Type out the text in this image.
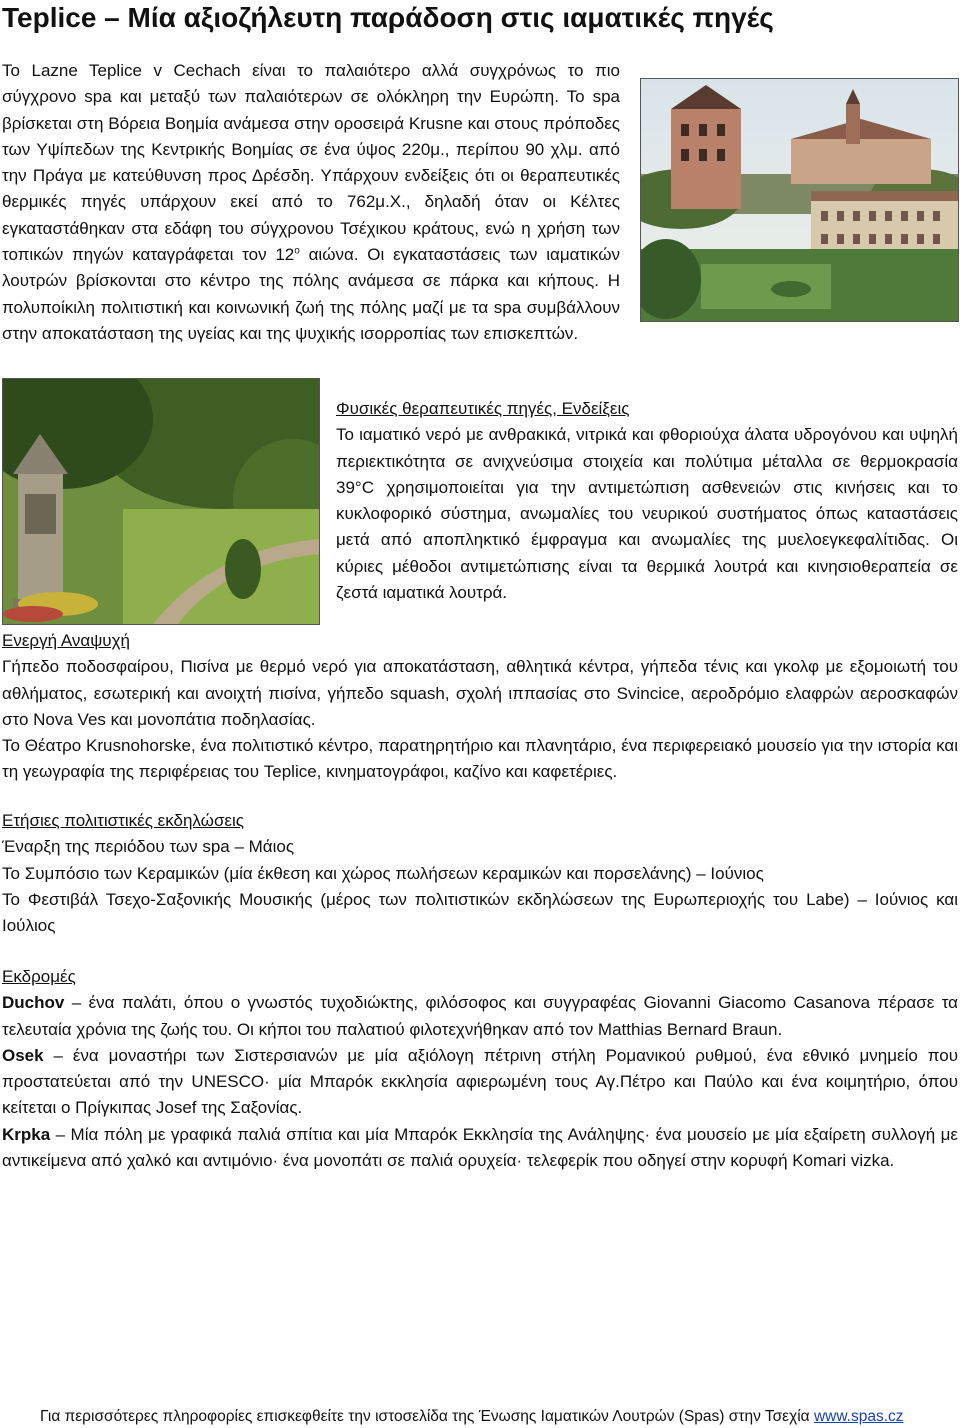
Teplice – Μία αξιοζήλευτη παράδοση στις ιαματικές πηγές

Το Lazne Teplice v Cechach είναι το παλαιότερο αλλά συγχρόνως το πιο σύγχρονο spa και μεταξύ των παλαιότερων σε ολόκληρη την Ευρώπη. Το spa βρίσκεται στη Βόρεια Βοημία ανάμεσα στην οροσειρά Krusne και στους πρόποδες των Υψίπεδων της Κεντρικής Βοημίας σε ένα ύψος 220μ., περίπου 90 χλμ. από την Πράγα με κατεύθυνση προς Δρέσδη. Υπάρχουν ενδείξεις ότι οι θεραπευτικές θερμικές πηγές υπάρχουν εκεί από το 762μ.Χ., δηλαδή όταν οι Κέλτες εγκαταστάθηκαν στα εδάφη του σύγχρονου Τσέχικου κράτους, ενώ η χρήση των τοπικών πηγών καταγράφεται τον $12^o$ αιώνα. Οι εγκαταστάσεις των ιαματικών λουτρών βρίσκονται στο κέντρο της πόλης ανάμεσα σε πάρκα και κήπους. Η πολυποίκιλη πολιτιστική και κοινωνική ζωή της πόλης μαζί με τα spa συμβάλλουν στην αποκατάσταση της υγείας και της ψυχικής ισορροπίας των επισκεπτών.

Φυσικές θεραπευτικές πηγές, Ενδείξεις
Το ιαματικό νερό με ανθρακικά, νιτρικά και φθοριούχα άλατα υδρογόνου και υψηλή περιεκτικότητα σε ανιχνεύσιμα στοιχεία και πολύτιμα μέταλλα σε θερμοκρασία 39°C χρησιμοποιείται για την αντιμετώπιση ασθενειών στις κινήσεις και το κυκλοφορικό σύστημα, ανωμαλίες του νευρικού συστήματος όπως καταστάσεις μετά από αποπληκτικό έμφραγμα και ανωμαλίες της μυελοεγκεφαλίτιδας. Οι κύριες μέθοδοι αντιμετώπισης είναι τα θερμικά λουτρά και κινησιοθεραπεία σε ζεστά ιαματικά λουτρά.
Ενεργή Αναψυχή
Γήπεδο ποδοσφαίρου, Πισίνα με θερμό νερό για αποκατάσταση, αθλητικά κέντρα, γήπεδα τένις και γκολφ με εξομοιωτή του αθλήματος, εσωτερική και ανοιχτή πισίνα, γήπεδο squash, σχολή ιππασίας στο Svincice, αεροδρόμιο ελαφρών αεροσκαφών στο Nova Ves και μονοπάτια ποδηλασίας.
Το Θέατρο Krusnohorske, ένα πολιτιστικό κέντρο, παρατηρητήριο και πλανητάριο, ένα περιφερειακό μουσείο για την ιστορία και τη γεωγραφία της περιφέρειας του Teplice, κινηματογράφοι, καζίνο και καφετέριες.
Ετήσιες πολιτιστικές εκδηλώσεις
Έναρξη της περιόδου των spa – Μάιος
Το Συμπόσιο των Κεραμικών (μία έκθεση και χώρος πωλήσεων κεραμικών και πορσελάνης) – Ιούνιος
Το Φεστιβάλ Τσεχο-Σαξονικής Μουσικής (μέρος των πολιτιστικών εκδηλώσεων της Ευρωπεριοχής του Labe) – Ιούνιος και Ιούλιος
Εκδρομές
Duchov – ένα παλάτι, όπου ο γνωστός τυχοδιώκτης, φιλόσοφος και συγγραφέας Giovanni Giacomo Casanova πέρασε τα τελευταία χρόνια της ζωής του. Οι κήποι του παλατιού φιλοτεχνήθηκαν από τον Matthias Bernard Braun.
Osek – ένα μοναστήρι των Σιστερσιανών με μία αξιόλογη πέτρινη στήλη Ρομανικού ρυθμού, ένα εθνικό μνημείο που προστατεύεται από την UNESCO· μία Μπαρόκ εκκλησία αφιερωμένη τους Αγ.Πέτρο και Παύλο και ένα κοιμητήριο, όπου κείτεται ο Πρίγκιπας Josef της Σαξονίας.
Krpka – Μία πόλη με γραφικά παλιά σπίτια και μία Μπαρόκ Εκκλησία της Ανάληψης· ένα μουσείο με μία εξαίρετη συλλογή με αντικείμενα από χαλκό και αντιμόνιο· ένα μονοπάτι σε παλιά ορυχεία· τελεφερίκ που οδηγεί στην κορυφή Komari vizka.

Για περισσότερες πληροφορίες επισκεφθείτε την ιστοσελίδα της Ένωσης Ιαματικών Λουτρών (Spas) στην Τσεχία www.spas.cz
